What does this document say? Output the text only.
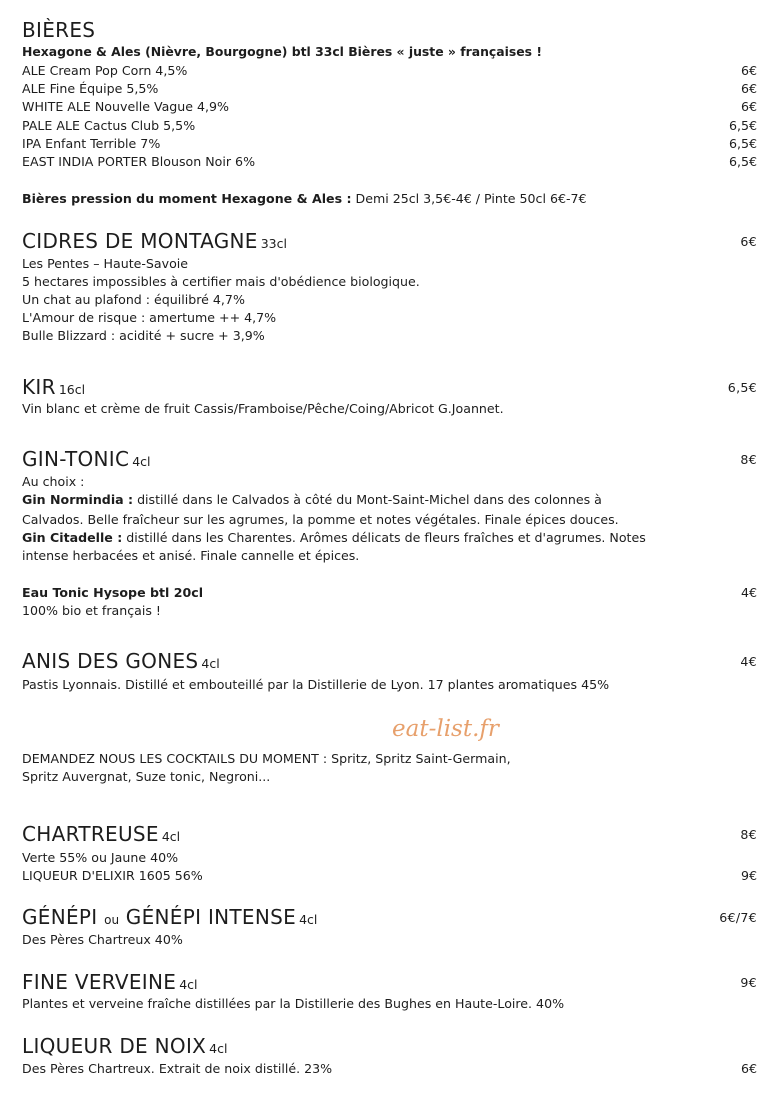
BIÈRES
Hexagone & Ales (Nièvre, Bourgogne) btl 33cl Bières « juste » françaises !
ALE Cream Pop Corn 4,5%	6€
ALE Fine Équipe 5,5%	6€
WHITE ALE Nouvelle Vague 4,9%	6€
PALE ALE Cactus Club 5,5%	6,5€
IPA Enfant Terrible 7%	6,5€
EAST INDIA PORTER Blouson Noir 6%	6,5€
Bières pression du moment Hexagone & Ales : Demi 25cl 3,5€-4€ / Pinte 50cl 6€-7€
CIDRES DE MONTAGNE 33cl	6€
Les Pentes – Haute-Savoie
5 hectares impossibles à certifier mais d'obédience biologique.
Un chat au plafond : équilibré 4,7%
L'Amour de risque : amertume ++ 4,7%
Bulle Blizzard : acidité + sucre + 3,9%
KIR 16cl	6,5€
Vin blanc et crème de fruit Cassis/Framboise/Pêche/Coing/Abricot G.Joannet.
GIN-TONIC 4cl	8€
Au choix :
Gin Normindia : distillé dans le Calvados à côté du Mont-Saint-Michel dans des colonnes à
Calvados. Belle fraîcheur sur les agrumes, la pomme et notes végétales. Finale épices douces.
Gin Citadelle : distillé dans les Charentes. Arômes délicats de fleurs fraîches et d'agrumes. Notes
intense herbacées et anisé. Finale cannelle et épices.
Eau Tonic Hysope btl 20cl	4€
100% bio et français !
ANIS DES GONES 4cl	4€
Pastis Lyonnais. Distillé et embouteillé par la Distillerie de Lyon. 17 plantes aromatiques 45%
eat-list.fr
DEMANDEZ NOUS LES COCKTAILS DU MOMENT : Spritz, Spritz Saint-Germain,
Spritz Auvergnat, Suze tonic, Negroni...
CHARTREUSE 4cl	8€
Verte 55% ou Jaune 40%
LIQUEUR D'ELIXIR 1605 56%	9€
GÉNÉPI ou GÉNÉPI INTENSE 4cl	6€/7€
Des Pères Chartreux 40%
FINE VERVEINE 4cl	9€
Plantes et verveine fraîche distillées par la Distillerie des Bughes en Haute-Loire. 40%
LIQUEUR DE NOIX 4cl
Des Pères Chartreux. Extrait de noix distillé. 23%	6€
